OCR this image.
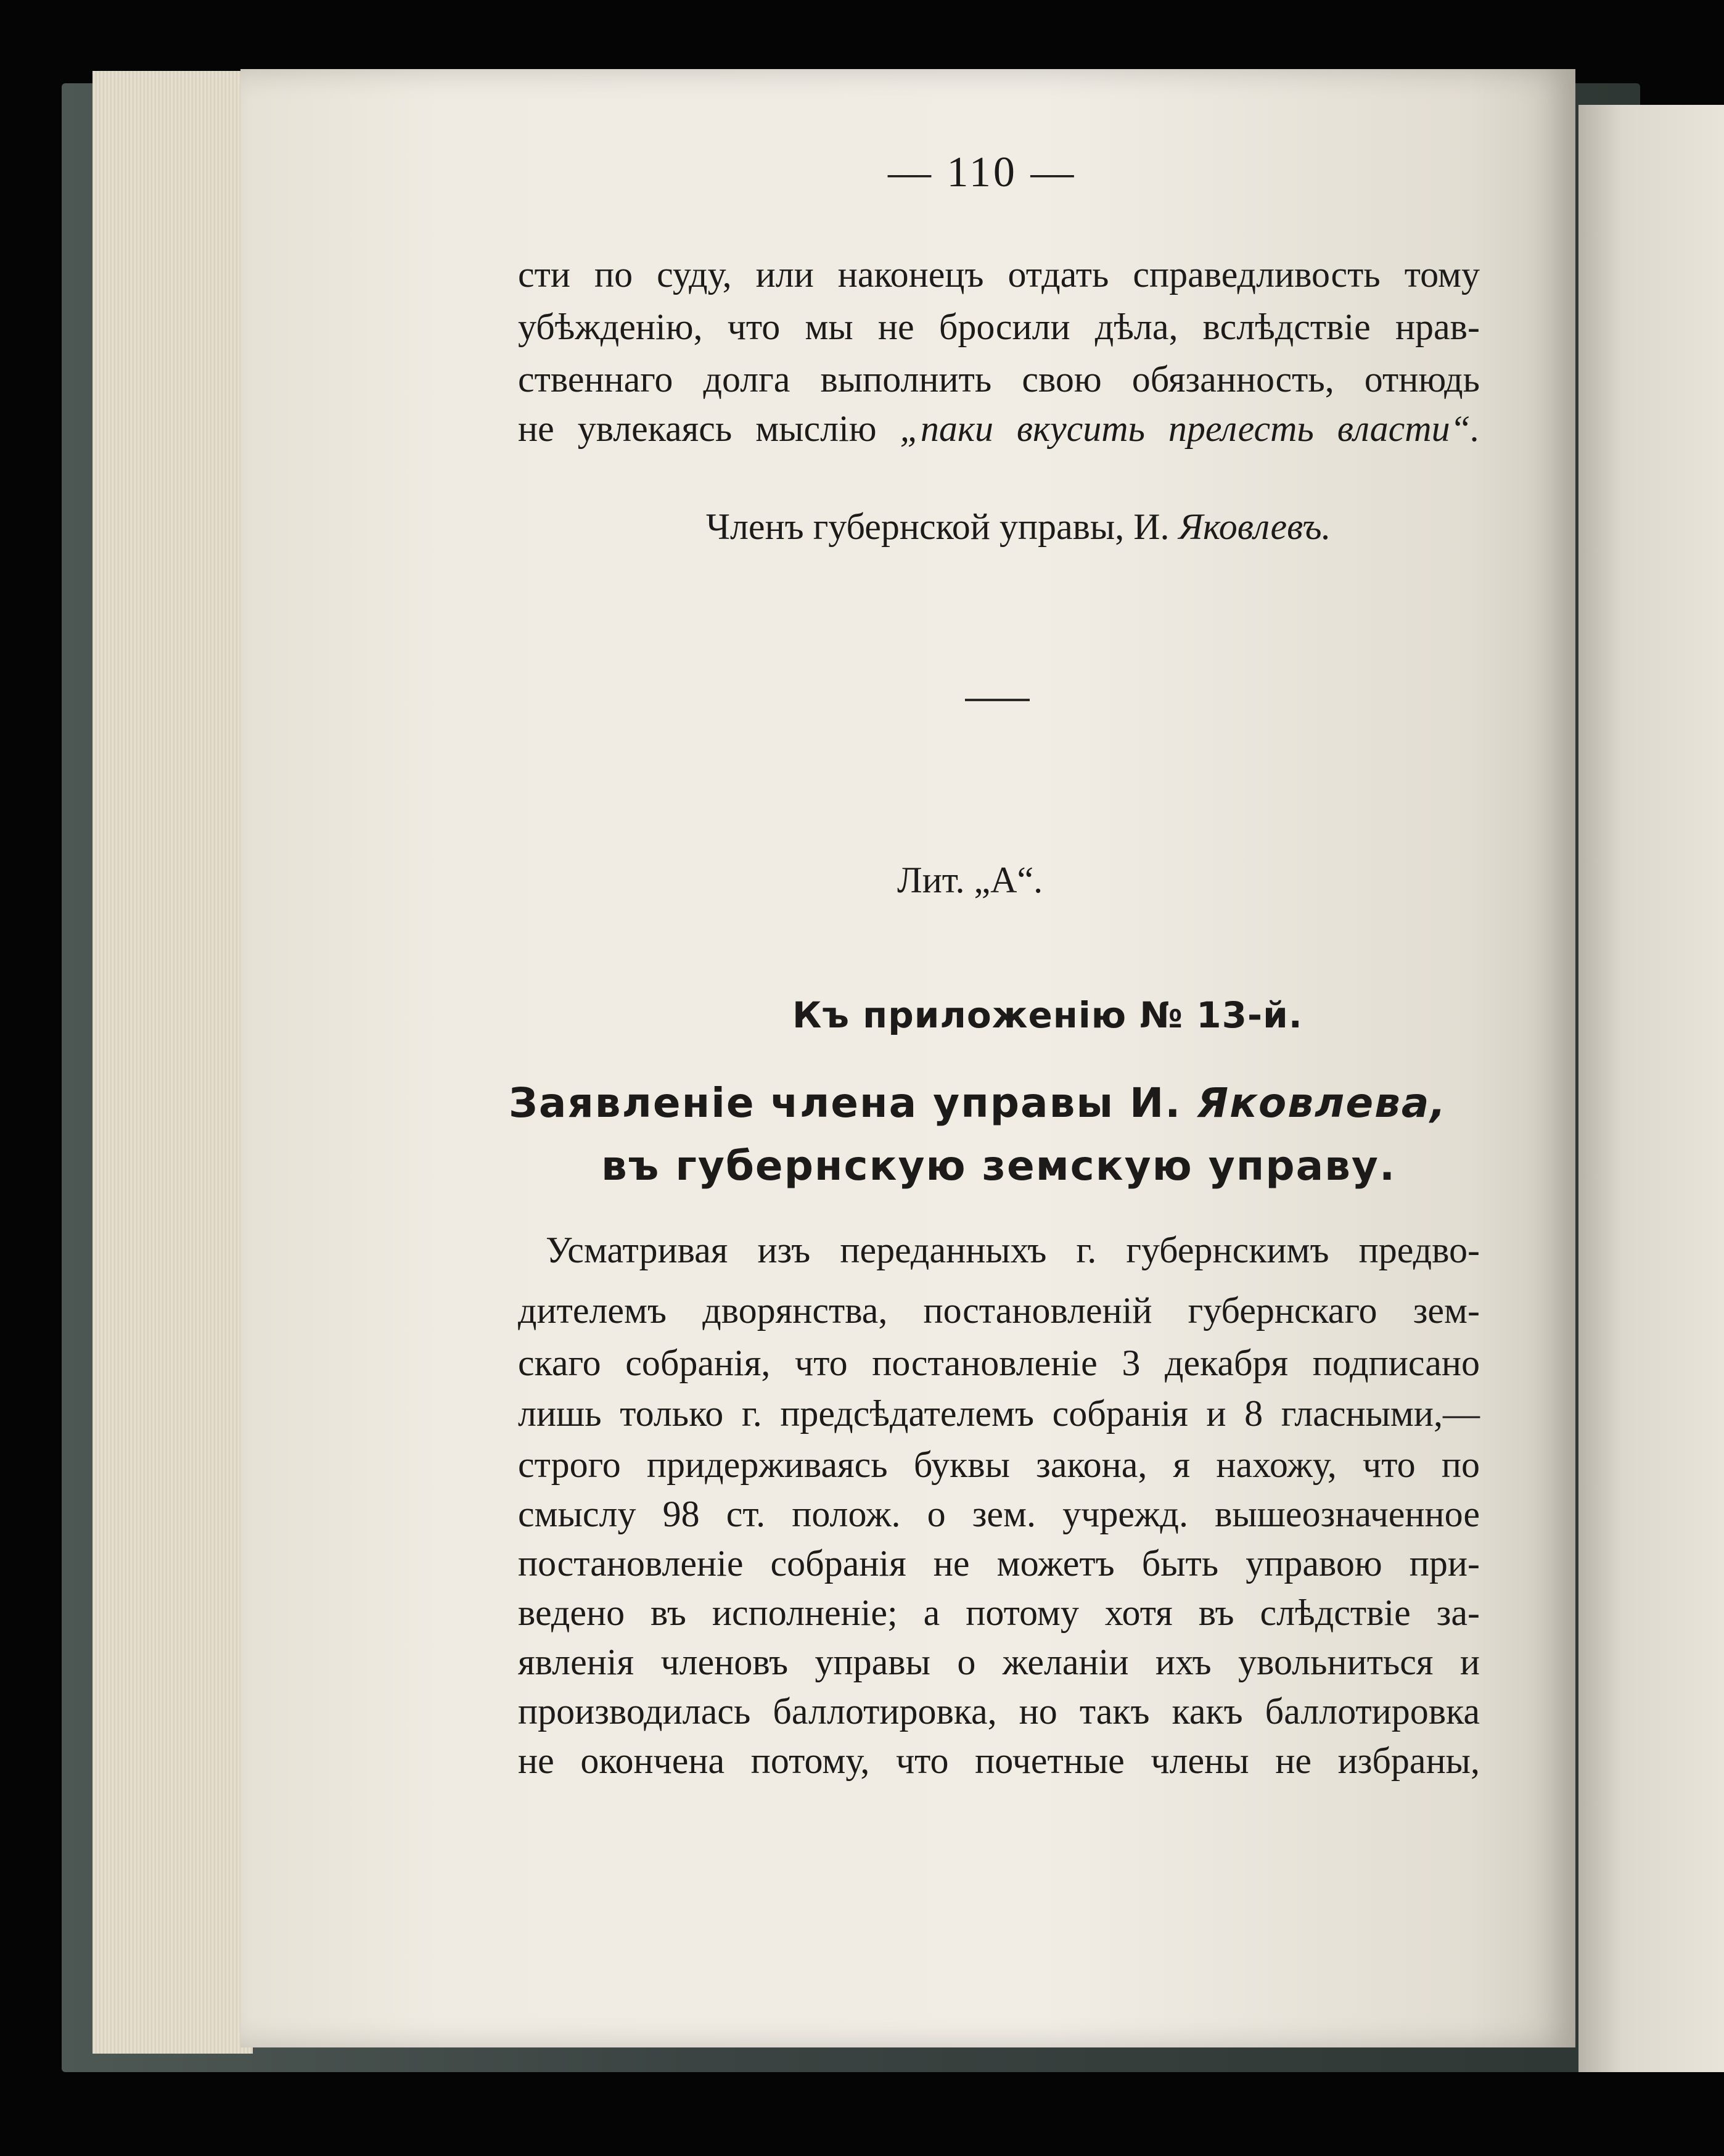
— 110 —
сти по суду, или наконецъ отдать справедливость тому
убѣжденію, что мы не бросили дѣла, вслѣдствіе нрав-
ственнаго долга выполнить свою обязанность, отнюдь
не увлекаясь мыслію „паки вкусить прелесть власти“.
Членъ губернской управы, И. Яковлевъ.
Лит. „А“.
Къ приложенію № 13-й.
Заявленіе члена управы И. Яковлева,
въ губернскую земскую управу.
Усматривая изъ переданныхъ г. губернскимъ предво-
дителемъ дворянства, постановленій губернскаго зем-
скаго собранія, что постановленіе 3 декабря подписано
лишь только г. предсѣдателемъ собранія и 8 гласными,—
строго придерживаясь буквы закона, я нахожу, что по
смыслу 98 ст. полож. о зем. учрежд. вышеозначенное
постановленіе собранія не можетъ быть управою при-
ведено въ исполненіе; а потому хотя въ слѣдствіе за-
явленія членовъ управы о желаніи ихъ увольниться и
производилась баллотировка, но такъ какъ баллотировка
не окончена потому, что почетные члены не избраны,
